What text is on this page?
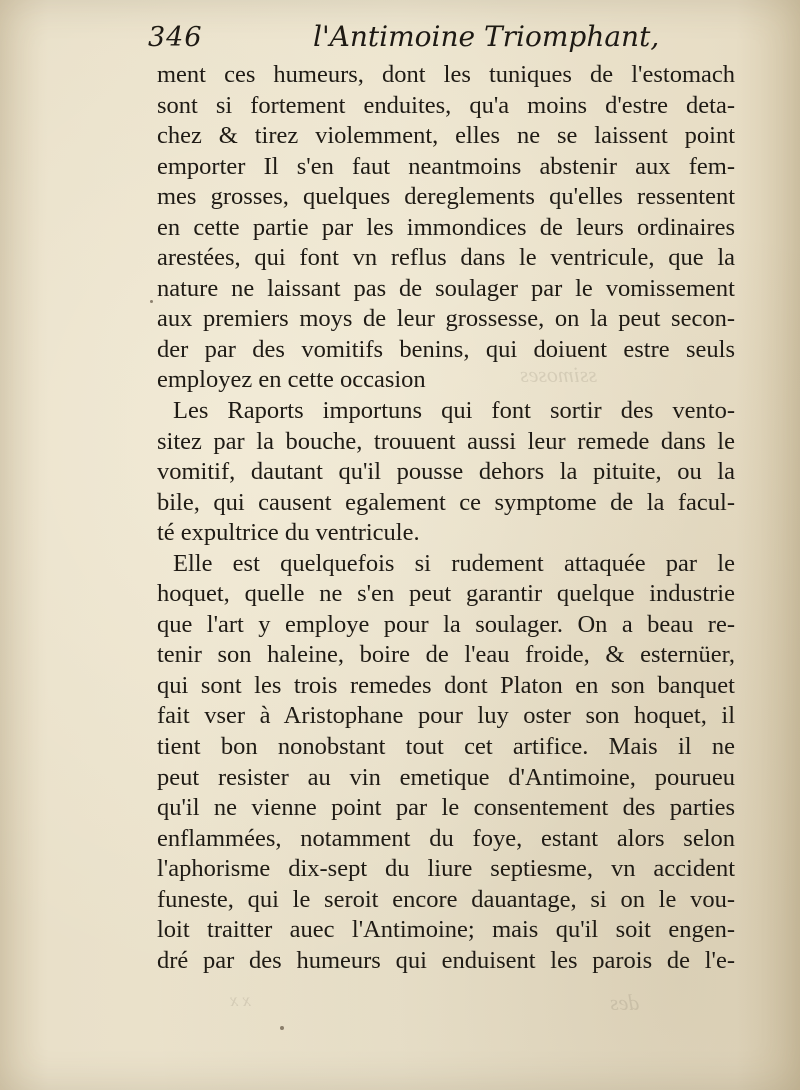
346	l'Antimoine Triomphant,
ment ces humeurs, dont les tuniques de l'estomach
sont si fortement enduites, qu'a moins d'estre deta-
chez & tirez violemment, elles ne se laissent point
emporter Il s'en faut neantmoins abstenir aux fem-
mes grosses, quelques dereglements qu'elles ressentent
en cette partie par les immondices de leurs ordinaires
arestées, qui font vn reflus dans le ventricule, que la
nature ne laissant pas de soulager par le vomissement
aux premiers moys de leur grossesse, on la peut secon-
der par des vomitifs benins, qui doiuent estre seuls
employez en cette occasion
Les Raports importuns qui font sortir des vento-
sitez par la bouche, trouuent aussi leur remede dans le
vomitif, dautant qu'il pousse dehors la pituite, ou la
bile, qui causent egalement ce symptome de la facul-
té expultrice du ventricule.
Elle est quelquefois si rudement attaquée par le
hoquet, quelle ne s'en peut garantir quelque industrie
que l'art y employe pour la soulager. On a beau re-
tenir son haleine, boire de l'eau froide, & esternüer,
qui sont les trois remedes dont Platon en son banquet
fait vser à Aristophane pour luy oster son hoquet, il
tient bon nonobstant tout cet artifice. Mais il ne
peut resister au vin emetique d'Antimoine, pourueu
qu'il ne vienne point par le consentement des parties
enflammées, notamment du foye, estant alors selon
l'aphorisme dix-sept du liure septiesme, vn accident
funeste, qui le seroit encore dauantage, si on le vou-
loit traitter auec l'Antimoine; mais qu'il soit engen-
dré par des humeurs qui enduisent les parois de l'e-
ssimoses
des
x x
